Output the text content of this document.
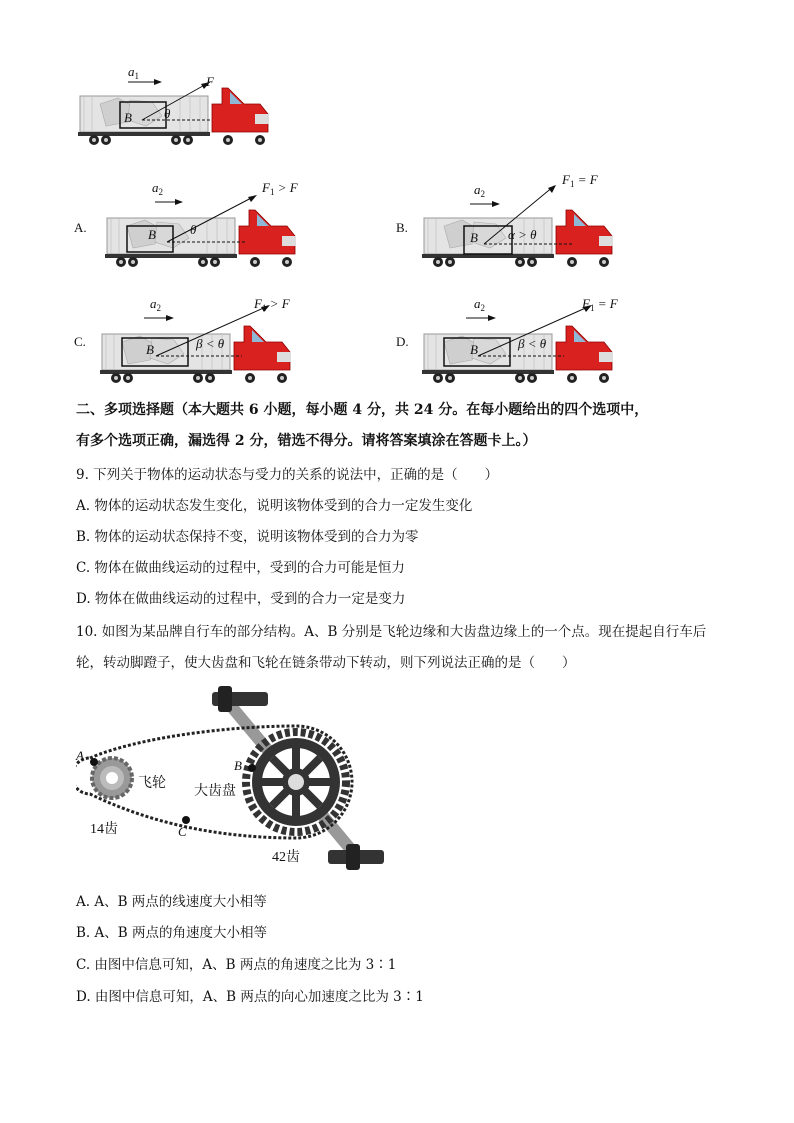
$a_1$	F
B θ
A.
$a_2$	$F_1 > F$
B	θ	B.
$a_2$
$F_1 = F$
B α > θ
C.
$a_2$	$F_1 > F$
B	β < θ	D.
$a_2$	$F_1 = F$
B	β < θ
二、多项选择题（本大题共 6 小题，每小题 4 分，共 24 分。在每小题给出的四个选项中，
有多个选项正确，漏选得 2 分，错选不得分。请将答案填涂在答题卡上。）
9. 下列关于物体的运动状态与受力的关系的说法中，正确的是（　　）
A. 物体的运动状态发生变化，说明该物体受到的合力一定发生变化
B. 物体的运动状态保持不变，说明该物体受到的合力为零
C. 物体在做曲线运动的过程中，受到的合力可能是恒力
D. 物体在做曲线运动的过程中，受到的合力一定是变力
10. 如图为某品牌自行车的部分结构。A、B 分别是飞轮边缘和大齿盘边缘上的一个点。现在提起自行车后
轮，转动脚蹬子，使大齿盘和飞轮在链条带动下转动，则下列说法正确的是（　　）
A
B
C
飞轮
大齿盘
14齿
42齿
A. A、B 两点的线速度大小相等
B. A、B 两点的角速度大小相等
C. 由图中信息可知，A、B 两点的角速度之比为 3∶1
D. 由图中信息可知，A、B 两点的向心加速度之比为 3∶1
